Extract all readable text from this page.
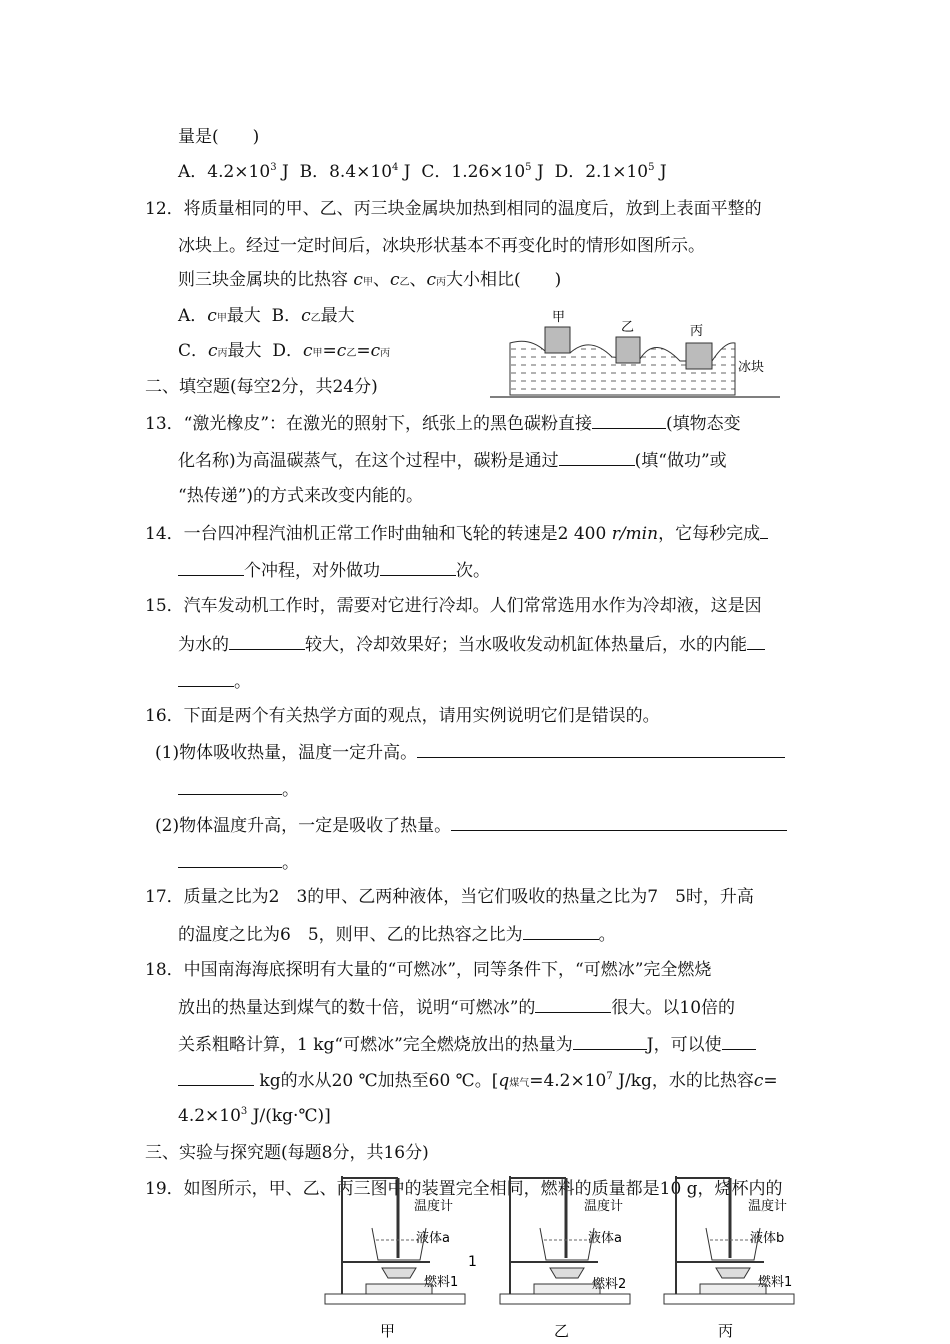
量是(　　)
A．$4.2\times 10^3$ J B．$8.4\times 10^4$ J C．$1.26\times 10^5$ J D．$2.1\times 10^5$ J
12．将质量相同的甲、乙、丙三块金属块加热到相同的温度后，放到上表面平整的
冰块上。经过一定时间后，冰块形状基本不再变化时的情形如图所示。
则三块金属块的比热容 c甲、c乙、c丙大小相比(　　)
A．c甲最大 B．c乙最大
C．c丙最大 D．c甲=c乙=c丙
甲
乙	丙
冰块
二、填空题(每空2分，共24分)
13．“激光橡皮”：在激光的照射下，纸张上的黑色碳粉直接	(填物态变
化名称)为高温碳蒸气，在这个过程中，碳粉是通过	(填“做功”或
“热传递”)的方式来改变内能的。
14．一台四冲程汽油机正常工作时曲轴和飞轮的转速是2 400 r/min，它每秒完成
个冲程，对外做功	次。
15．汽车发动机工作时，需要对它进行冷却。人们常常选用水作为冷却液，这是因
为水的	较大，冷却效果好；当水吸收发动机缸体热量后，水的内能
。
16．下面是两个有关热学方面的观点，请用实例说明它们是错误的。
(1)物体吸收热量，温度一定升高。
。
(2)物体温度升高，一定是吸收了热量。
。
17．质量之比为2　3的甲、乙两种液体，当它们吸收的热量之比为7　5时，升高
的温度之比为6　5，则甲、乙的比热容之比为	。
18．中国南海海底探明有大量的“可燃冰”，同等条件下，“可燃冰”完全燃烧
放出的热量达到煤气的数十倍，说明“可燃冰”的	很大。以10倍的
关系粗略计算，1 kg“可燃冰”完全燃烧放出的热量为	J，可以使
kg的水从20 ℃加热至60 ℃。[q煤气$=4.2\times 10^7$ J/kg，水的比热容c=
$4.2\times 10^3$ J/(kg·℃)]
三、实验与探究题(每题8分，共16分)
19．如图所示，甲、乙、丙三图中的装置完全相同，燃料的质量都是10 g，烧杯内的
温度计
液体a
燃料1
甲
温度计
液体a
燃料2
乙
温度计
液体b
燃料1
丙
1
